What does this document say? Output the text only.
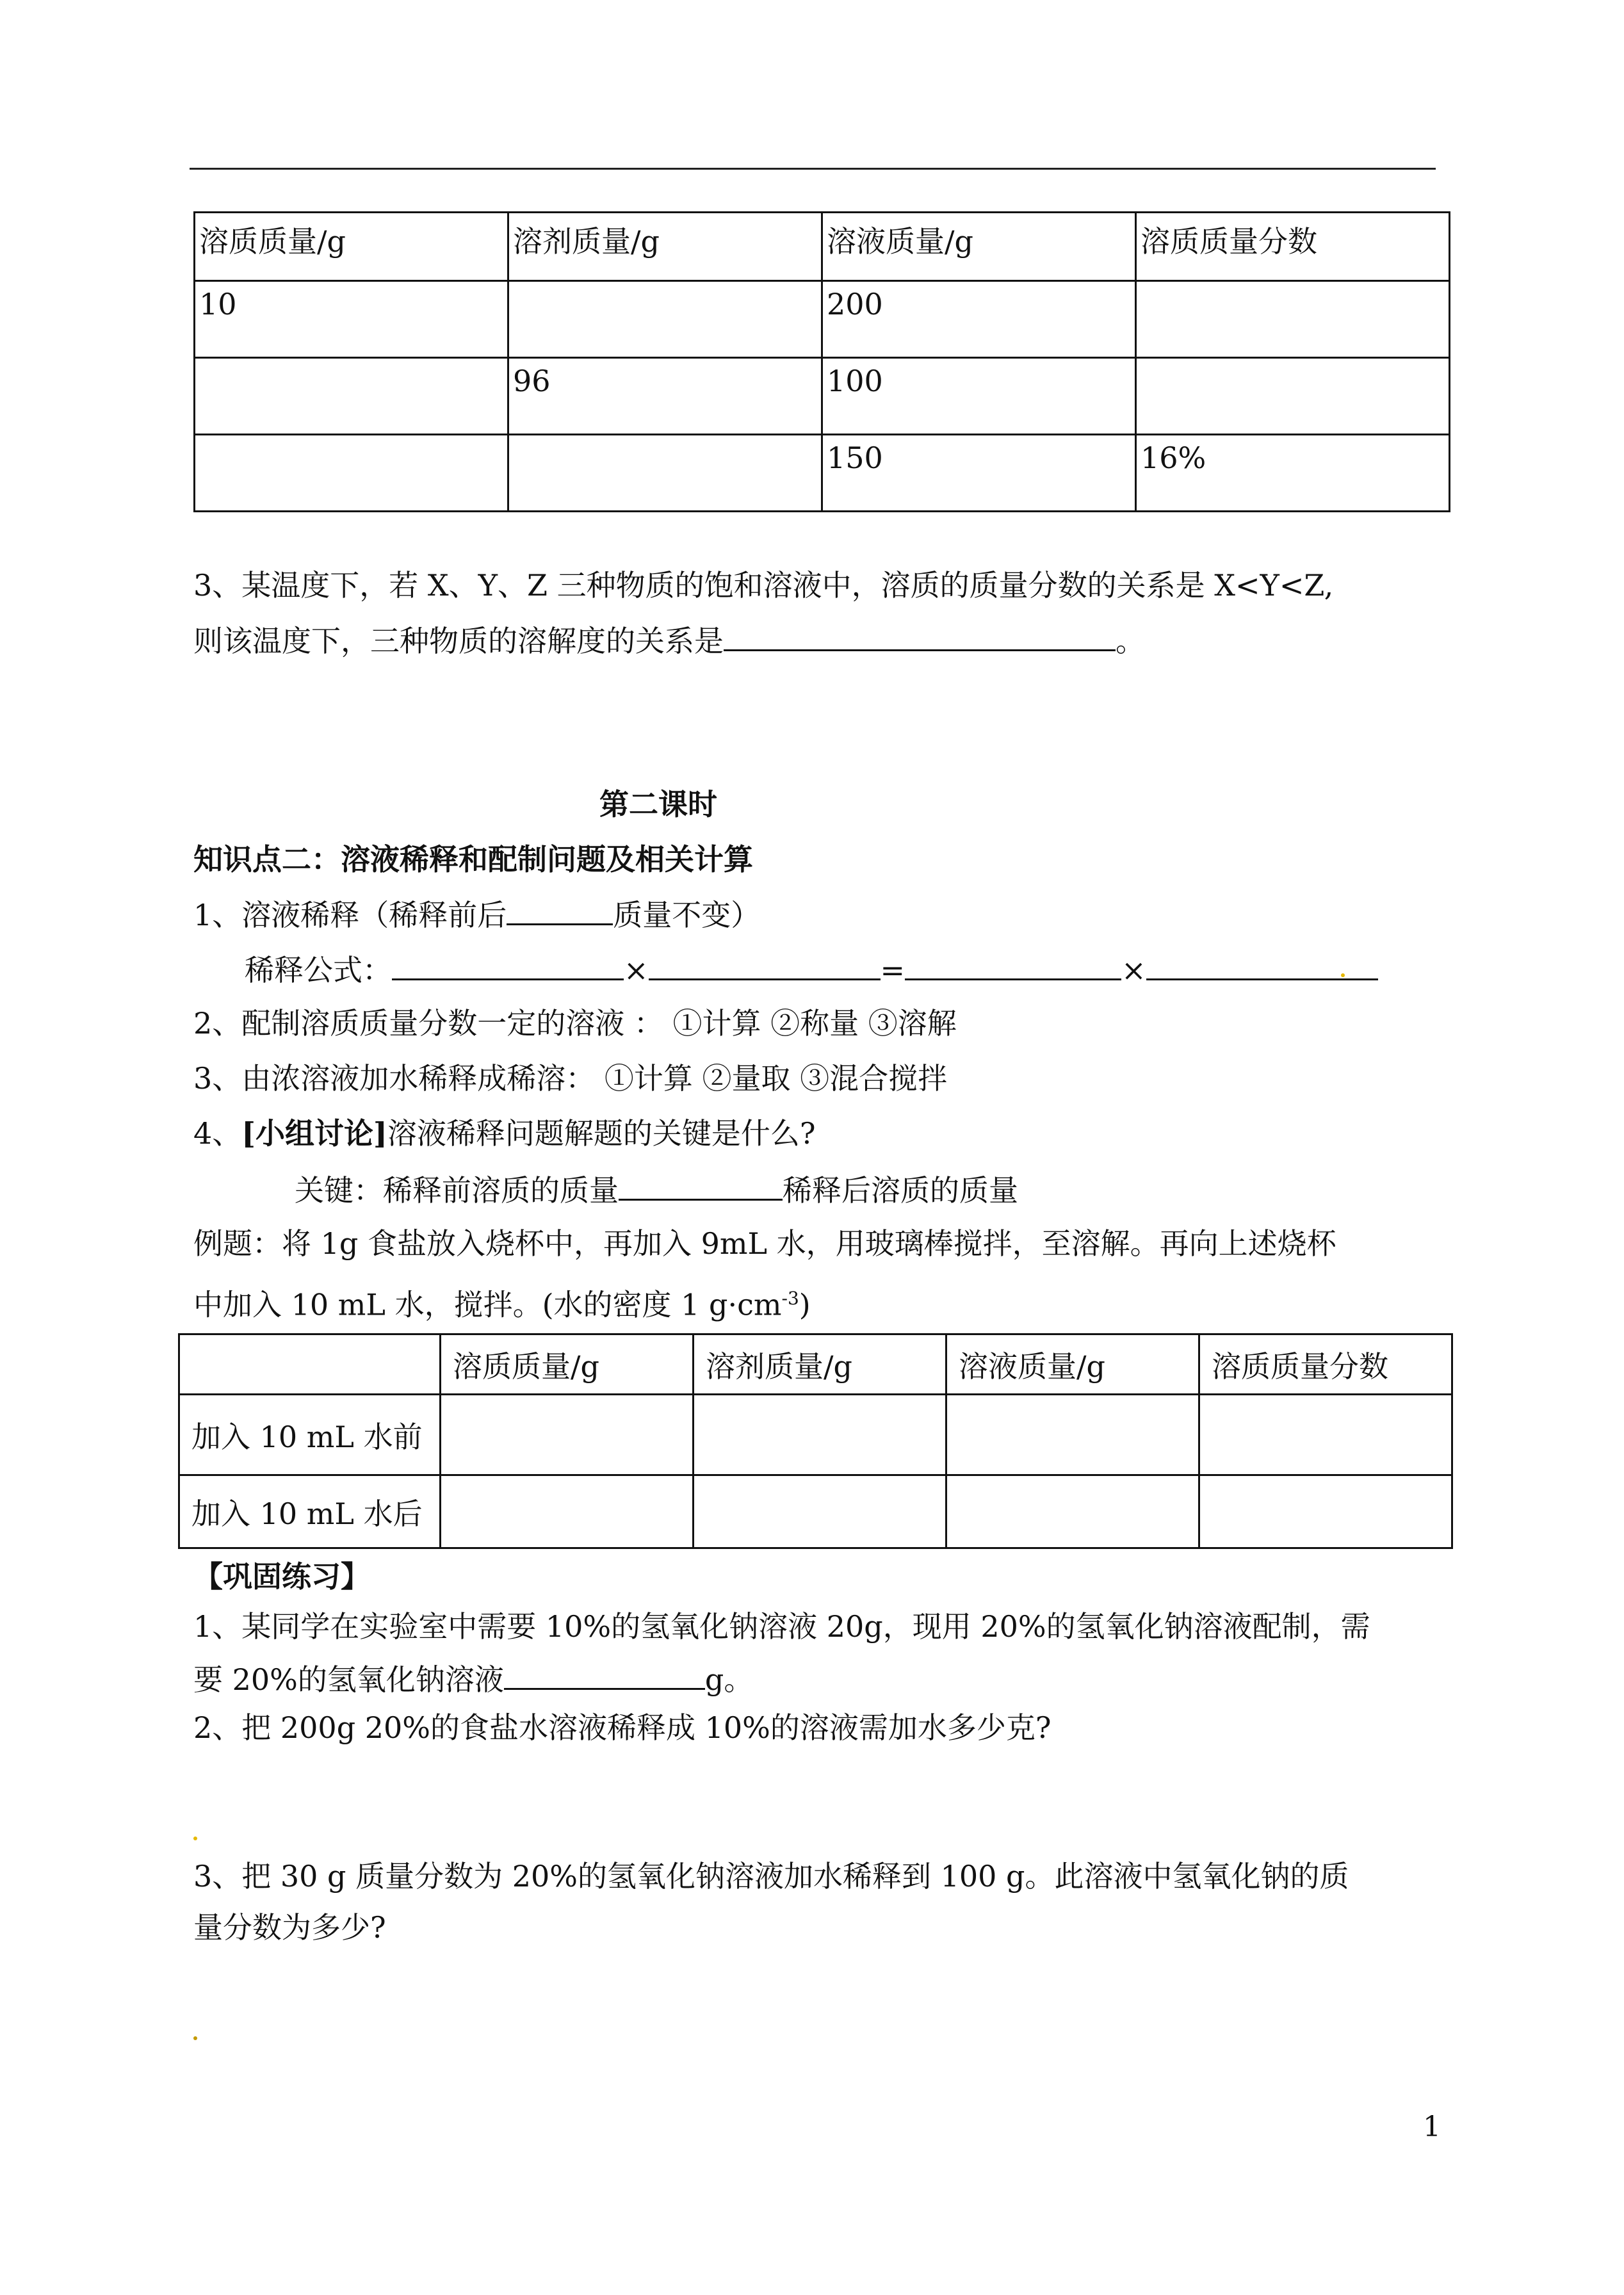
溶质质量/g	溶剂质量/g	溶液质量/g	溶质质量分数
10		200	
	96	100	
		150	16%
3、某温度下，若 X、Y、Z 三种物质的饱和溶液中，溶质的质量分数的关系是 X<Y<Z,
则该温度下，三种物质的溶解度的关系是	。
第二课时
知识点二：溶液稀释和配制问题及相关计算
1、溶液稀释（稀释前后	质量不变）
稀释公式：	×	=	×
2、配制溶质质量分数一定的溶液 ： ①计算 ②称量 ③溶解
3、由浓溶液加水稀释成稀溶： ①计算 ②量取 ③混合搅拌
4、[小组讨论]溶液稀释问题解题的关键是什么?
关键：稀释前溶质的质量	稀释后溶质的质量
例题：将 1g 食盐放入烧杯中，再加入 9mL 水，用玻璃棒搅拌，至溶解。再向上述烧杯
中加入 10 mL 水，搅拌。(水的密度 1 $g\cdot cm^{-3}$)
	溶质质量/g	溶剂质量/g	溶液质量/g	溶质质量分数
加入 10 mL 水前				
加入 10 mL 水后				
【巩固练习】
1、某同学在实验室中需要 10%的氢氧化钠溶液 20g，现用 20%的氢氧化钠溶液配制，需
要 20%的氢氧化钠溶液	g。
2、把 200g 20%的食盐水溶液稀释成 10%的溶液需加水多少克?
3、把 30 g 质量分数为 20%的氢氧化钠溶液加水稀释到 100 g。此溶液中氢氧化钠的质
量分数为多少?
1
